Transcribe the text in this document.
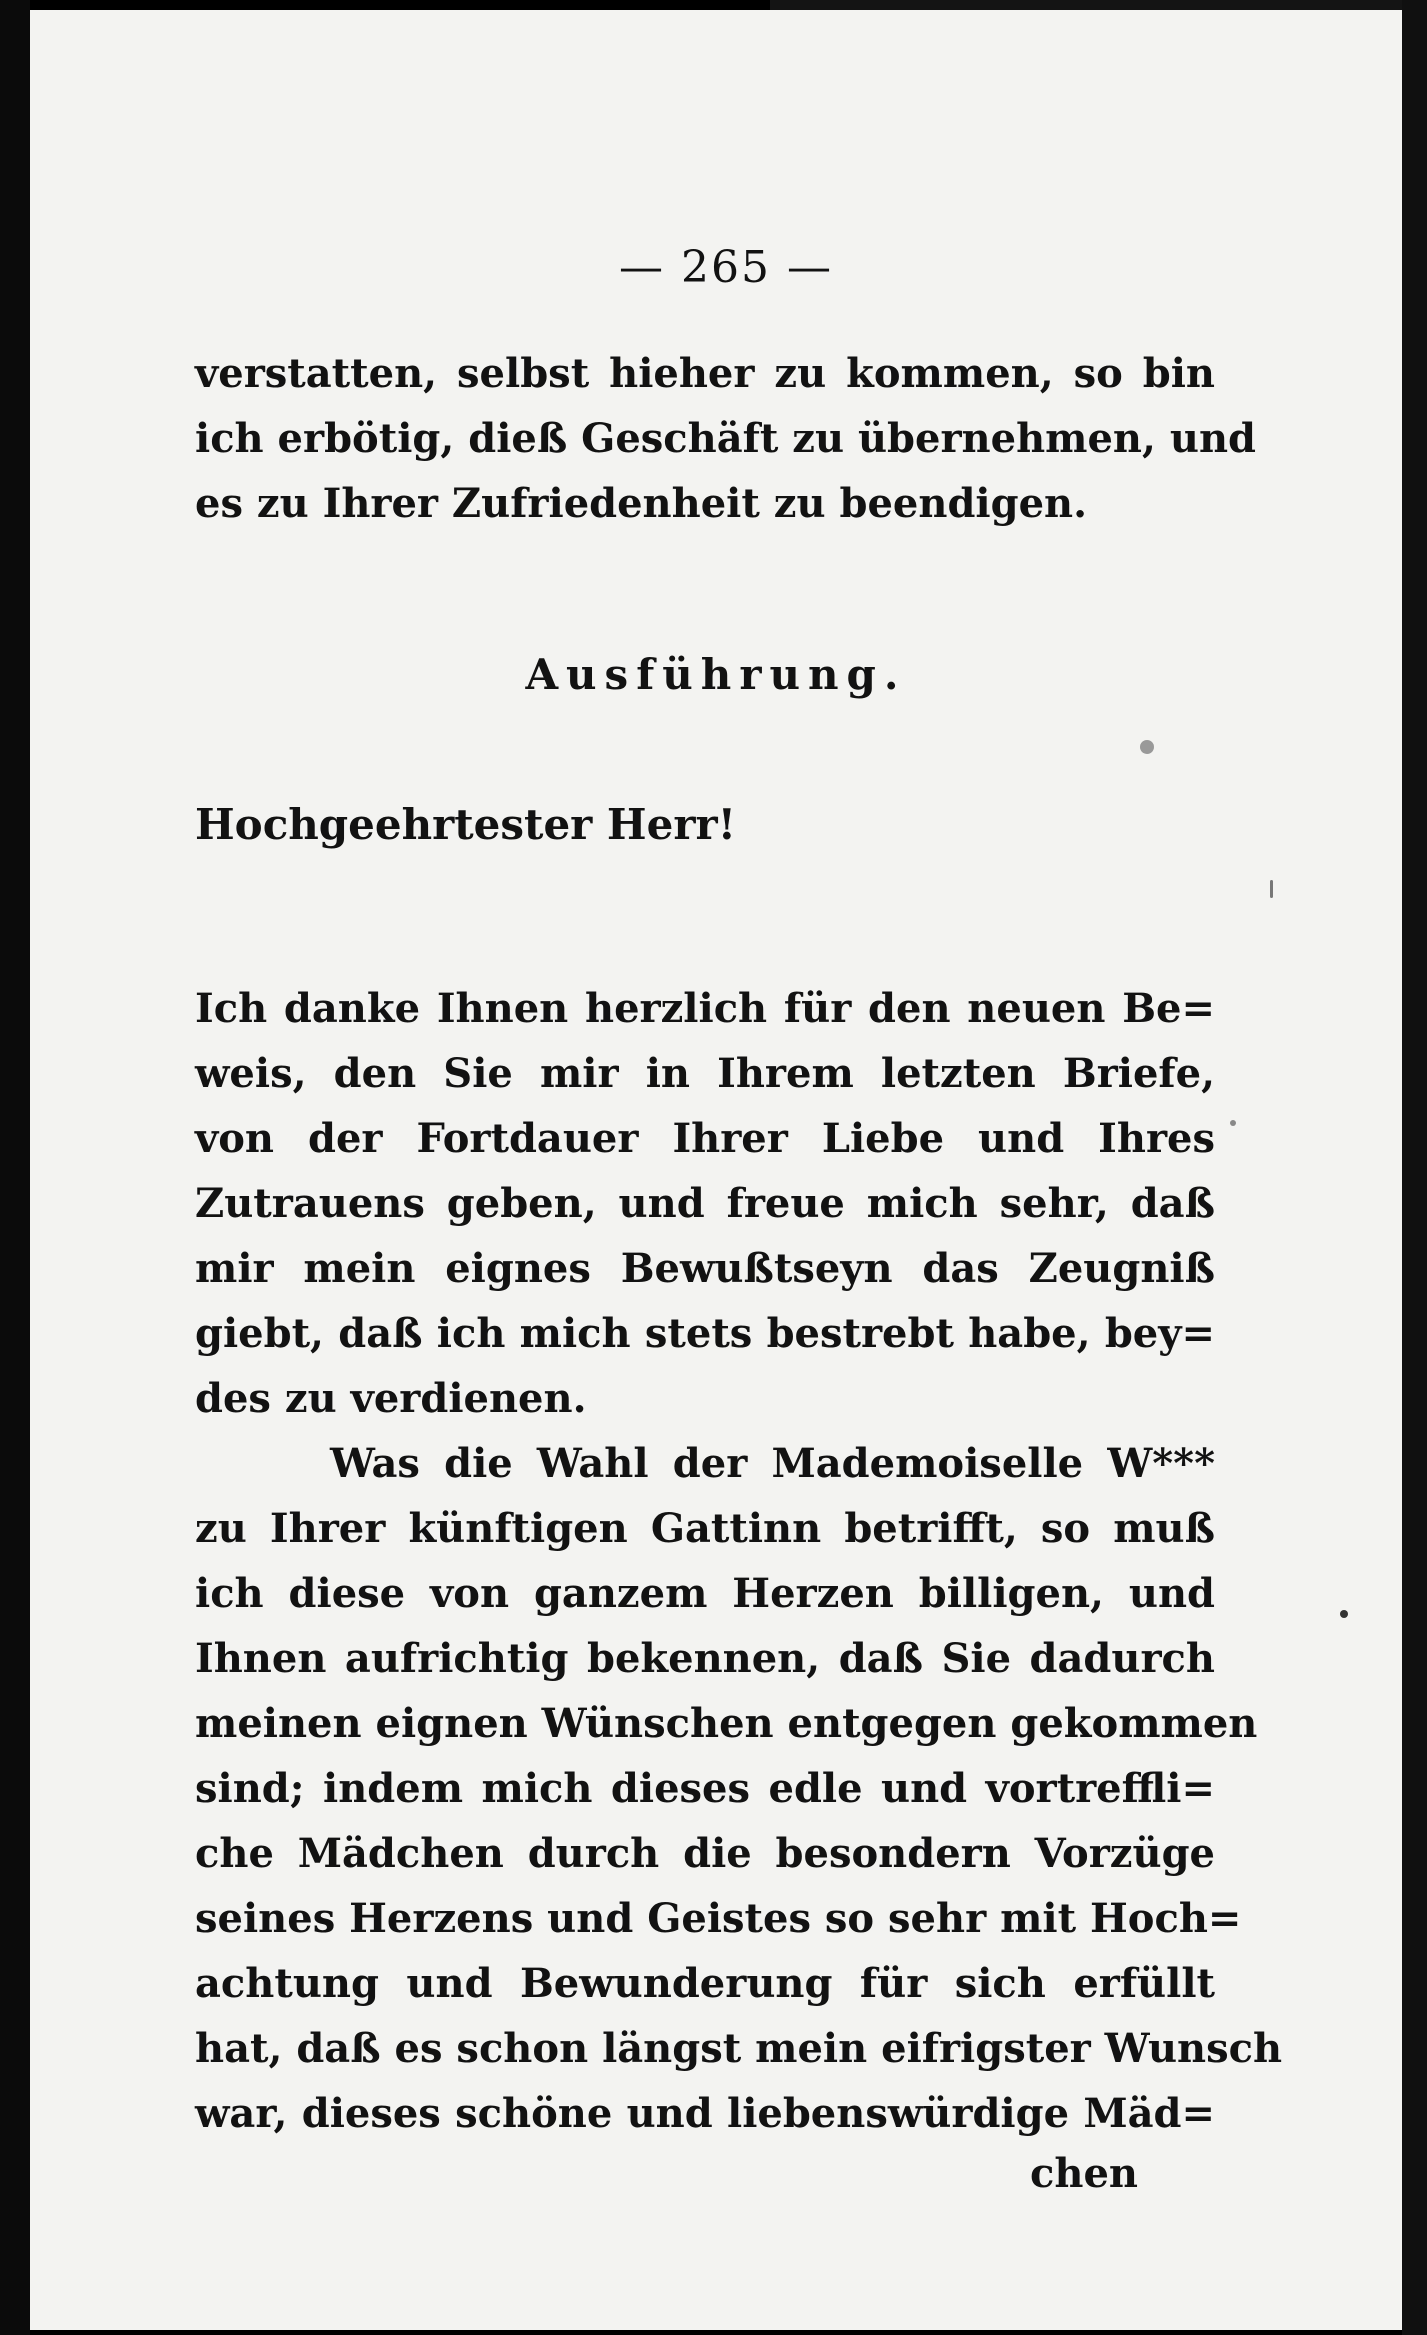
— 265 —
verstatten, selbst hieher zu kommen, so bin
ich erbötig, dieß Geschäft zu übernehmen, und
es zu Ihrer Zufriedenheit zu beendigen.
Ausführung.
Hochgeehrtester Herr!
Ich danke Ihnen herzlich für den neuen Be=
weis, den Sie mir in Ihrem letzten Briefe,
von der Fortdauer Ihrer Liebe und Ihres
Zutrauens geben, und freue mich sehr, daß
mir mein eignes Bewußtseyn das Zeugniß
giebt, daß ich mich stets bestrebt habe, bey=
des zu verdienen.
Was die Wahl der Mademoiselle W***
zu Ihrer künftigen Gattinn betrifft, so muß
ich diese von ganzem Herzen billigen, und
Ihnen aufrichtig bekennen, daß Sie dadurch
meinen eignen Wünschen entgegen gekommen
sind; indem mich dieses edle und vortreffli=
che Mädchen durch die besondern Vorzüge
seines Herzens und Geistes so sehr mit Hoch=
achtung und Bewunderung für sich erfüllt
hat, daß es schon längst mein eifrigster Wunsch
war, dieses schöne und liebenswürdige Mäd=
chen
